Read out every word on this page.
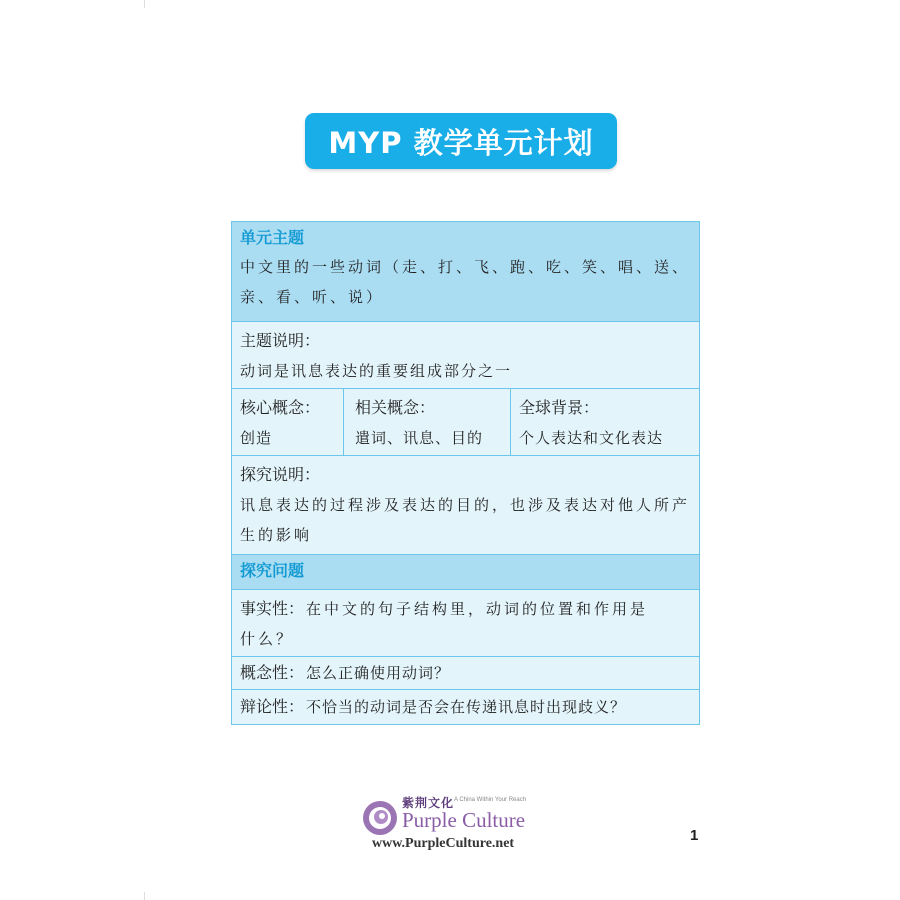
MYP 教学单元计划
单元主题
中文里的一些动词（走、打、飞、跑、吃、笑、唱、送、
亲、看、听、说）
主题说明：
动词是讯息表达的重要组成部分之一
核心概念：
创造
相关概念：
遣词、讯息、目的
全球背景：
个人表达和文化表达
探究说明：
讯息表达的过程涉及表达的目的，也涉及表达对他人所产
生的影响
探究问题
事实性： 在中文的句子结构里，动词的位置和作用是
什么？
概念性： 怎么正确使用动词？
辩论性： 不恰当的动词是否会在传递讯息时出现歧义？
紫荆文化 A China Within Your Reach
Purple Culture
www.PurpleCulture.net	1
